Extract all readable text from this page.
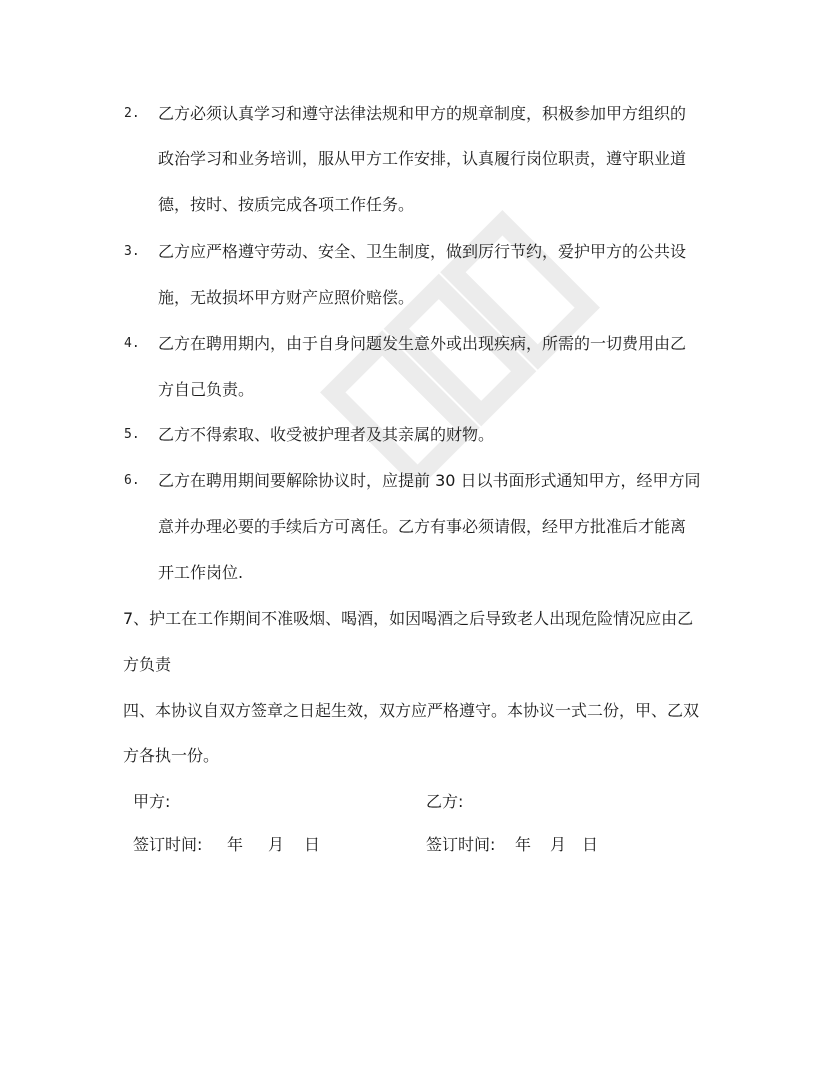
2. 乙方必须认真学习和遵守法律法规和甲方的规章制度，积极参加甲方组织的
政治学习和业务培训，服从甲方工作安排，认真履行岗位职责，遵守职业道
德，按时、按质完成各项工作任务。
3. 乙方应严格遵守劳动、安全、卫生制度，做到厉行节约，爱护甲方的公共设
施，无故损坏甲方财产应照价赔偿。
4. 乙方在聘用期内，由于自身问题发生意外或出现疾病，所需的一切费用由乙
方自己负责。
5. 乙方不得索取、收受被护理者及其亲属的财物。
6. 乙方在聘用期间要解除协议时，应提前 30 日以书面形式通知甲方，经甲方同
意并办理必要的手续后方可离任。乙方有事必须请假，经甲方批准后才能离
开工作岗位.
7、护工在工作期间不准吸烟、喝酒，如因喝酒之后导致老人出现危险情况应由乙
方负责
四、本协议自双方签章之日起生效，双方应严格遵守。本协议一式二份，甲、乙双
方各执一份。
甲方:	乙方:
签订时间: 年 月 日	签订时间: 年 月 日
